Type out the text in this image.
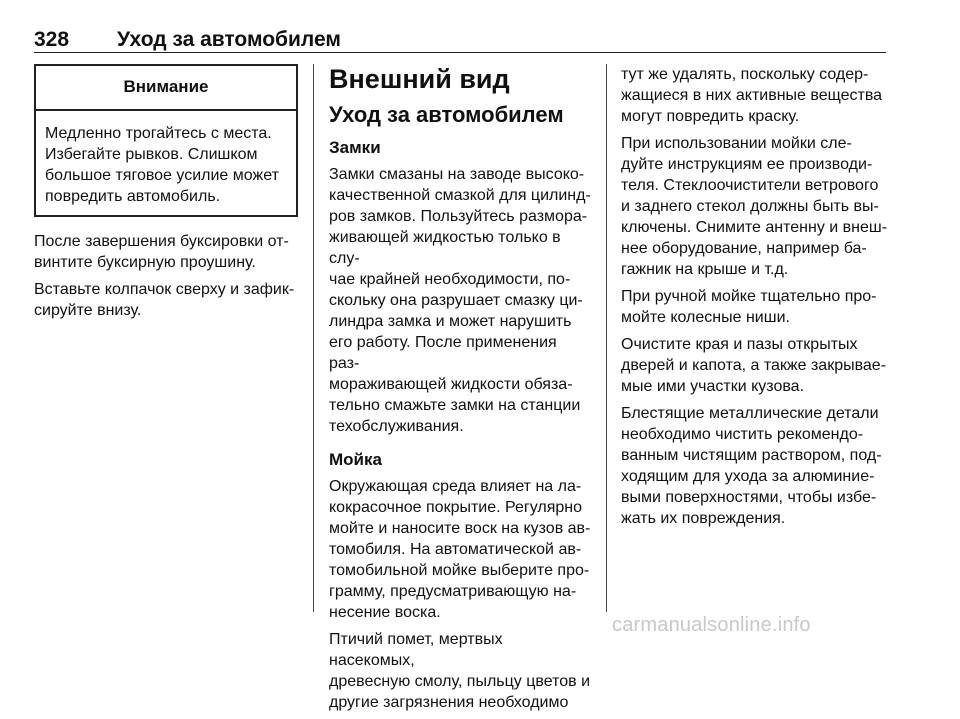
328 Уход за автомобилем
Внимание
Медленно трогайтесь с места.
Избегайте рывков. Слишком
большое тяговое усилие может
повредить автомобиль.

После завершения буксировки от-
винтите буксирную проушину.

Вставьте колпачок сверху и зафик-
сируйте внизу.

Внешний вид
Уход за автомобилем
Замки

Замки смазаны на заводе высоко-
качественной смазкой для цилинд-
ров замков. Пользуйтесь размора-
живающей жидкостью только в слу-
чае крайней необходимости, по-
скольку она разрушает смазку ци-
линдра замка и может нарушить
его работу. После применения раз-
мораживающей жидкости обяза-
тельно смажьте замки на станции
техобслуживания.

Мойка

Окружающая среда влияет на ла-
кокрасочное покрытие. Регулярно
мойте и наносите воск на кузов ав-
томобиля. На автоматической ав-
томобильной мойке выберите про-
грамму, предусматривающую на-
несение воска.

Птичий помет, мертвых насекомых,
древесную смолу, пыльцу цветов и
другие загрязнения необходимо

тут же удалять, поскольку содер-
жащиеся в них активные вещества
могут повредить краску.

При использовании мойки сле-
дуйте инструкциям ее производи-
теля. Стеклоочистители ветрового
и заднего стекол должны быть вы-
ключены. Снимите антенну и внеш-
нее оборудование, например ба-
гажник на крыше и т.д.

При ручной мойке тщательно про-
мойте колесные ниши.

Очистите края и пазы открытых
дверей и капота, а также закрывае-
мые ими участки кузова.

Блестящие металлические детали
необходимо чистить рекомендо-
ванным чистящим раствором, под-
ходящим для ухода за алюминие-
выми поверхностями, чтобы избе-
жать их повреждения.

carmanualsonline.info
